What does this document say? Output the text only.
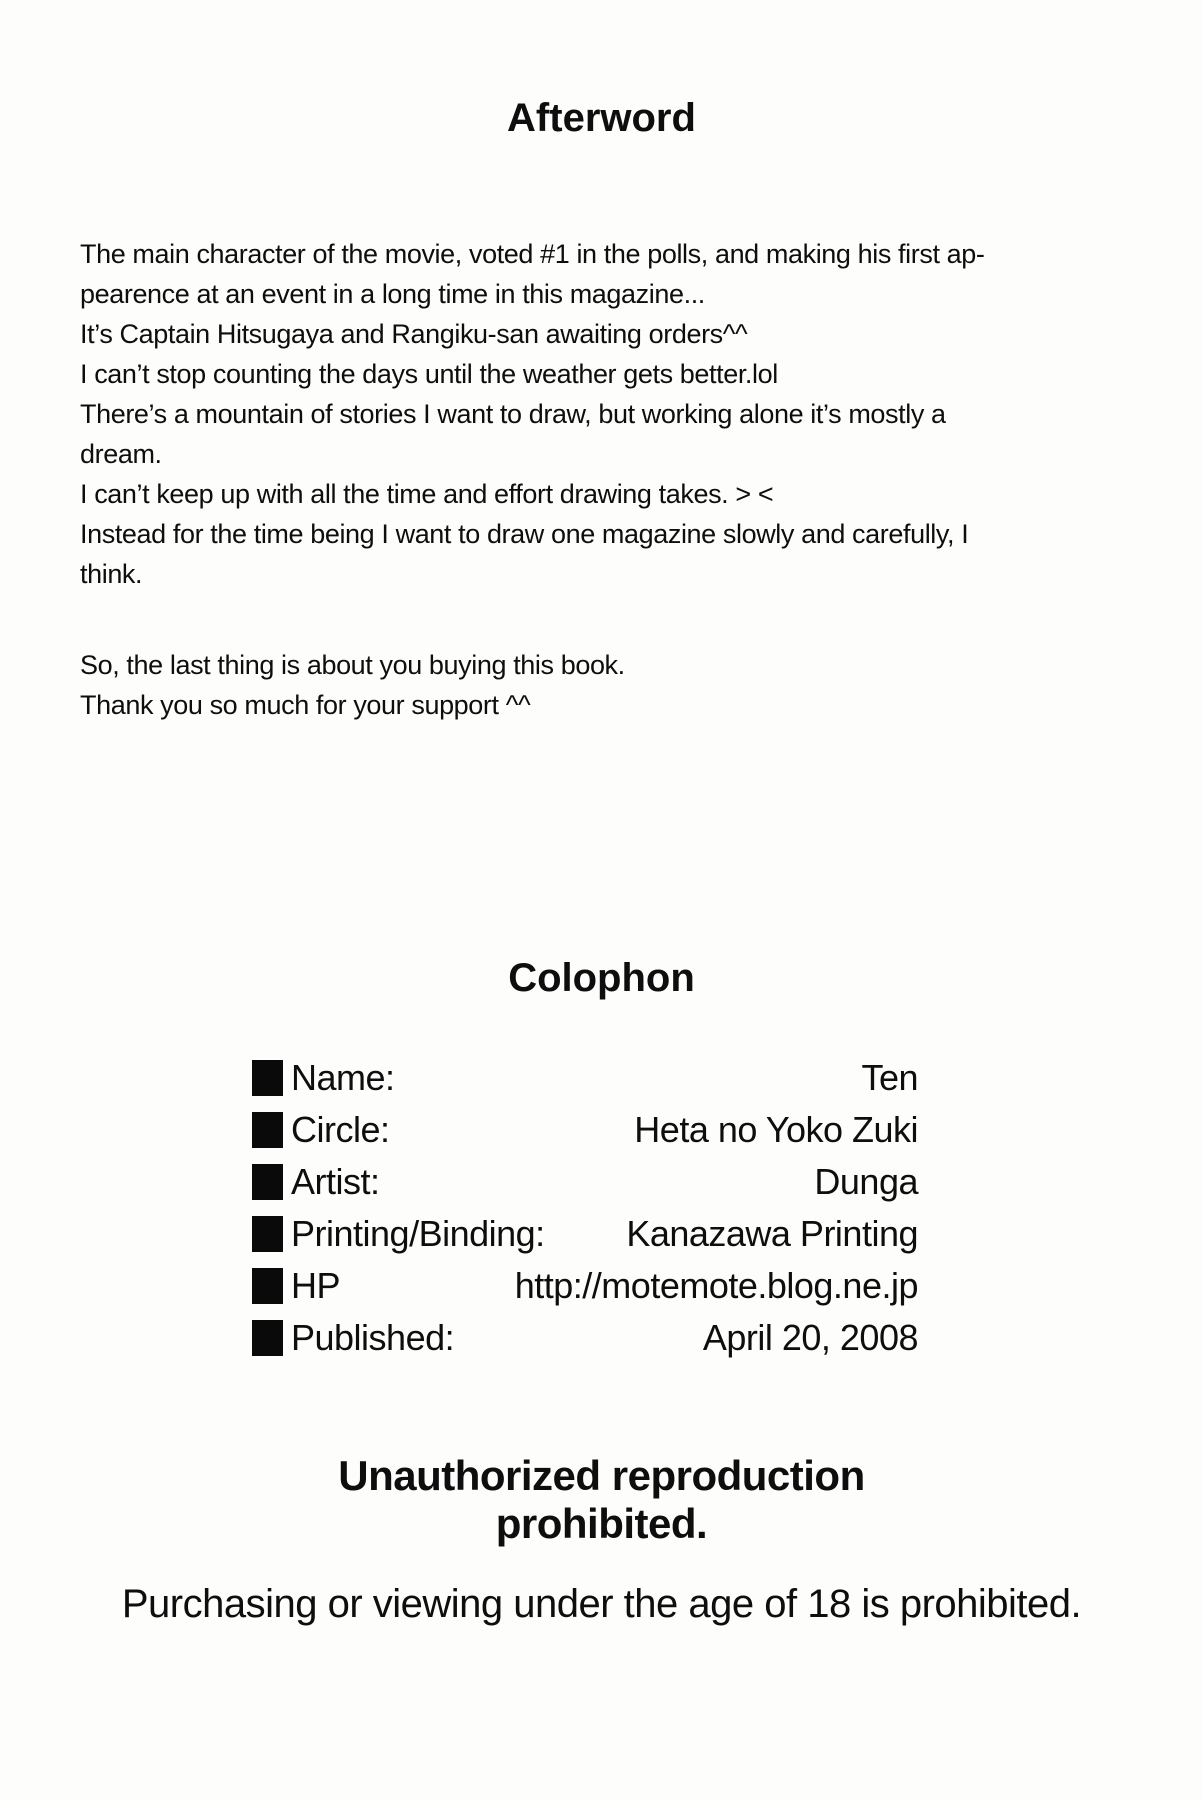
Afterword
The main character of the movie, voted #1 in the polls, and making his first ap-
pearence at an event in a long time in this magazine...
It’s Captain Hitsugaya and Rangiku-san awaiting orders^^
I can’t stop counting the days until the weather gets better.lol
There’s a mountain of stories I want to draw, but working alone it’s mostly a
dream.
I can’t keep up with all the time and effort drawing takes. > <
Instead for the time being I want to draw one magazine slowly and carefully, I
think.
So, the last thing is about you buying this book.
Thank you so much for your support ^^
Colophon
Name:	Ten
Circle:	Heta no Yoko Zuki
Artist:	Dunga
Printing/Binding: Kanazawa Printing
HP	http://motemote.blog.ne.jp
Published:	April 20, 2008
Unauthorized reproduction
prohibited.
Purchasing or viewing under the age of 18 is prohibited.
